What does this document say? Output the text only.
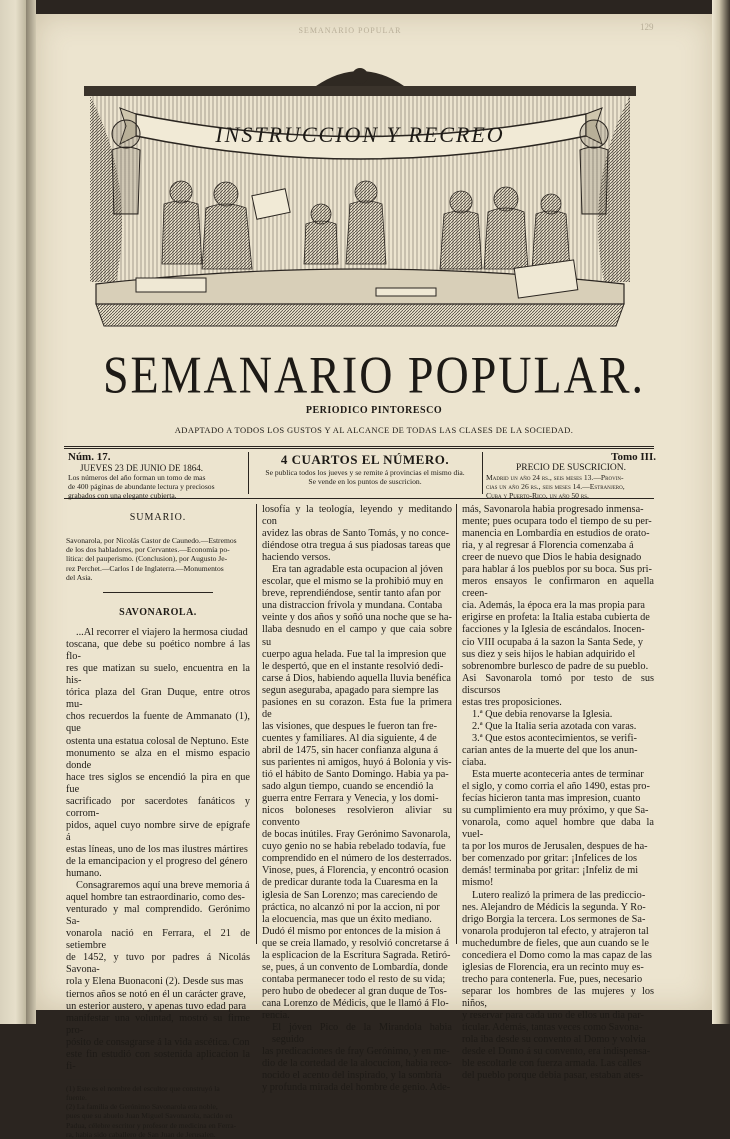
SEMANARIO POPULAR	129
INSTRUCCION Y RECREO
SEMANARIO POPULAR.
PERIODICO PINTORESCO
ADAPTADO A TODOS LOS GUSTOS Y AL ALCANCE DE TODAS LAS CLASES DE LA SOCIEDAD.
Núm. 17.
JUEVES 23 DE JUNIO DE 1864.
Los números del año forman un tomo de mas
de 400 páginas de abundante lectura y preciosos
grabados con una elegante cubierta.
4 CUARTOS EL NÚMERO.
Se publica todos los jueves y se remite á provincias el mismo dia.
Se vende en los puntos de suscricion.
Tomo III.
PRECIO DE SUSCRICION.
Madrid un año 24 rs., seis meses 13.—Provin-
cias un año 26 rs., seis meses 14.—Estranjero,
Cuba y Puerto-Rico, un año 50 rs.
SUMARIO.
Savonarola, por Nicolás Castor de Caunedo.—Estremos
de los dos habladores, por Cervantes.—Economía po-
lítica: del pauperismo. (Conclusion), por Augusto Je-
rez Perchet.—Carlos I de Inglaterra.—Monumentos
del Asia.
SAVONAROLA.
...Al recorrer el viajero la hermosa ciudad
toscana, que debe su poético nombre á las flo-
res que matizan su suelo, encuentra en la his-
tórica plaza del Gran Duque, entre otros mu-
chos recuerdos la fuente de Ammanato (1), que
ostenta una estatua colosal de Neptuno. Este
monumento se alza en el mismo espacio donde
hace tres siglos se encendió la pira en que fue
sacrificado por sacerdotes fanáticos y corrom-
pidos, aquel cuyo nombre sirve de epígrafe á
estas líneas, uno de los mas ilustres mártires
de la emancipacion y el progreso del género
humano.
Consagraremos aquí una breve memoria á
aquel hombre tan estraordinario, como des-
venturado y mal comprendido. Gerónimo Sa-
vonarola nació en Ferrara, el 21 de setiembre
de 1452, y tuvo por padres á Nicolás Savona-
rola y Elena Buonaconi (2). Desde sus mas
tiernos años se notó en él un carácter grave,
un esterior austero, y apenas tuvo edad para
manifestar una voluntad, mostró su firme pro-
pósito de consagrarse á la vida ascética. Con
este fin estudió con sostenida aplicacion la fi-
(1) Este es el nombre del escultor que construyó la
fuente.
(2) La familia de Gerónimo Savonarola era noble,
pues que su abuelo Juan Miguel Savonarola, nacido en
Padua, célebre escritor y profesor de medicina en Ferra-
ra, habia sido caballero de San Juan de Jerusalen.
losofía y la teología, leyendo y meditando con
avidez las obras de Santo Tomás, y no conce-
diéndose otra tregua á sus piadosas tareas que
haciendo versos.
Era tan agradable esta ocupacion al jóven
escolar, que el mismo se la prohibió muy en
breve, reprendiéndose, sentir tanto afan por
una distraccion frívola y mundana. Contaba
veinte y dos años y soñó una noche que se ha-
llaba desnudo en el campo y que caia sobre su
cuerpo agua helada. Fue tal la impresion que
le despertó, que en el instante resolvió dedi-
carse á Dios, habiendo aquella lluvia benéfica
segun aseguraba, apagado para siempre las
pasiones en su corazon. Esta fue la primera de
las visiones, que despues le fueron tan fre-
cuentes y familiares. Al dia siguiente, 4 de
abril de 1475, sin hacer confianza alguna á
sus parientes ni amigos, huyó á Bolonia y vis-
tió el hábito de Santo Domingo. Habia ya pa-
sado algun tiempo, cuando se encendió la
guerra entre Ferrara y Venecia, y los domi-
nicos boloneses resolvieron aliviar su convento
de bocas inútiles. Fray Gerónimo Savonarola,
cuyo genio no se habia rebelado todavía, fue
comprendido en el número de los desterrados.
Vinose, pues, á Florencia, y encontró ocasion
de predicar durante toda la Cuaresma en la
iglesia de San Lorenzo; mas careciendo de
práctica, no alcanzó ni por la accion, ni por
la elocuencia, mas que un éxito mediano.
Dudó él mismo por entonces de la mision á
que se creia llamado, y resolvió concretarse á
la esplicacion de la Escritura Sagrada. Retiró-
se, pues, á un convento de Lombardía, donde
contaba permanecer todo el resto de su vida;
pero hubo de obedecer al gran duque de Tos-
cana Lorenzo de Médicis, que le llamó á Flo-
rencia.
El jóven Pico de la Mirandola habia seguido
las predicaciones de fray Gerónimo, y en me-
dio de la cortedad de la alocucion, habia reco-
nocido el acento del inspirado, y la sombría
y profunda mirada del hombre de genio. Ade-
más, Savonarola habia progresado inmensa-
mente; pues ocupara todo el tiempo de su per-
manencia en Lombardía en estudios de orato-
ria, y al regresar á Florencia comenzaba á
creer de nuevo que Dios le habia designado
para hablar á los pueblos por su boca. Sus pri-
meros ensayos le confirmaron en aquella creen-
cia. Además, la época era la mas propia para
erigirse en profeta: la Italia estaba cubierta de
facciones y la Iglesia de escándalos. Inocen-
cio VIII ocupaba á la sazon la Santa Sede, y
sus diez y seis hijos le habian adquirido el
sobrenombre burlesco de padre de su pueblo.
Asi Savonarola tomó por testo de sus discursos
estas tres proposiciones.
1.ª Que debia renovarse la Iglesia.
2.ª Que la Italia seria azotada con varas.
3.ª Que estos acontecimientos, se verifi-
carian antes de la muerte del que los anun-
ciaba.
Esta muerte aconteceria antes de terminar
el siglo, y como corria el año 1490, estas pro-
fecías hicieron tanta mas impresion, cuanto
su cumplimiento era muy próximo, y que Sa-
vonarola, como aquel hombre que daba la vuel-
ta por los muros de Jerusalen, despues de ha-
ber comenzado por gritar: ¡Infelices de los
demás! terminaba por gritar: ¡Infeliz de mi
mismo!
Lutero realizó la primera de las prediccio-
nes. Alejandro de Médicis la segunda. Y Ro-
drigo Borgia la tercera. Los sermones de Sa-
vonarola produjeron tal efecto, y atrajeron tal
muchedumbre de fieles, que aun cuando se le
concediera el Domo como la mas capaz de las
iglesias de Florencia, era un recinto muy es-
trecho para contenerla. Fue, pues, necesario
separar los hombres de las mujeres y los niños,
y reservar para cada uno de ellos un dia par-
ticular. Además, tantas veces como Savona-
rola iba desde su convento al Domo y volvia
desde el Domo á su convento, era indispensa-
ble escoltarle con fuerza armada. Las calles
del pueblo porque debia pasar, estaban ates-
